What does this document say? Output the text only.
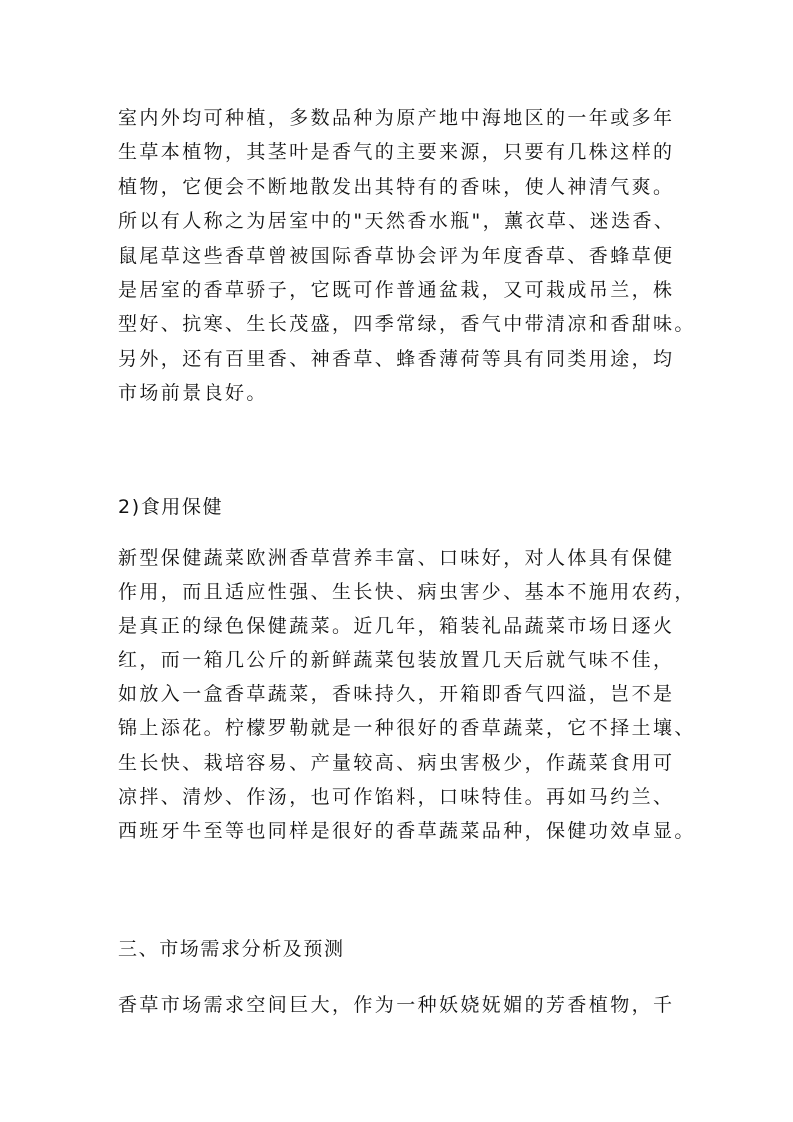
室内外均可种植，多数品种为原产地中海地区的一年或多年
生草本植物，其茎叶是香气的主要来源，只要有几株这样的
植物，它便会不断地散发出其特有的香味，使人神清气爽。
所以有人称之为居室中的"天然香水瓶"，薰衣草、迷迭香、
鼠尾草这些香草曾被国际香草协会评为年度香草、香蜂草便
是居室的香草骄子，它既可作普通盆栽，又可栽成吊兰，株
型好、抗寒、生长茂盛，四季常绿，香气中带清凉和香甜味。
另外，还有百里香、神香草、蜂香薄荷等具有同类用途，均
市场前景良好。
2)食用保健
新型保健蔬菜欧洲香草营养丰富、口味好，对人体具有保健
作用，而且适应性强、生长快、病虫害少、基本不施用农药，
是真正的绿色保健蔬菜。近几年，箱装礼品蔬菜市场日逐火
红，而一箱几公斤的新鲜蔬菜包装放置几天后就气味不佳，
如放入一盒香草蔬菜，香味持久，开箱即香气四溢，岂不是
锦上添花。柠檬罗勒就是一种很好的香草蔬菜，它不择土壤、
生长快、栽培容易、产量较高、病虫害极少，作蔬菜食用可
凉拌、清炒、作汤，也可作馅料，口味特佳。再如马约兰、
西班牙牛至等也同样是很好的香草蔬菜品种，保健功效卓显。
三、市场需求分析及预测
香草市场需求空间巨大，作为一种妖娆妩媚的芳香植物，千
